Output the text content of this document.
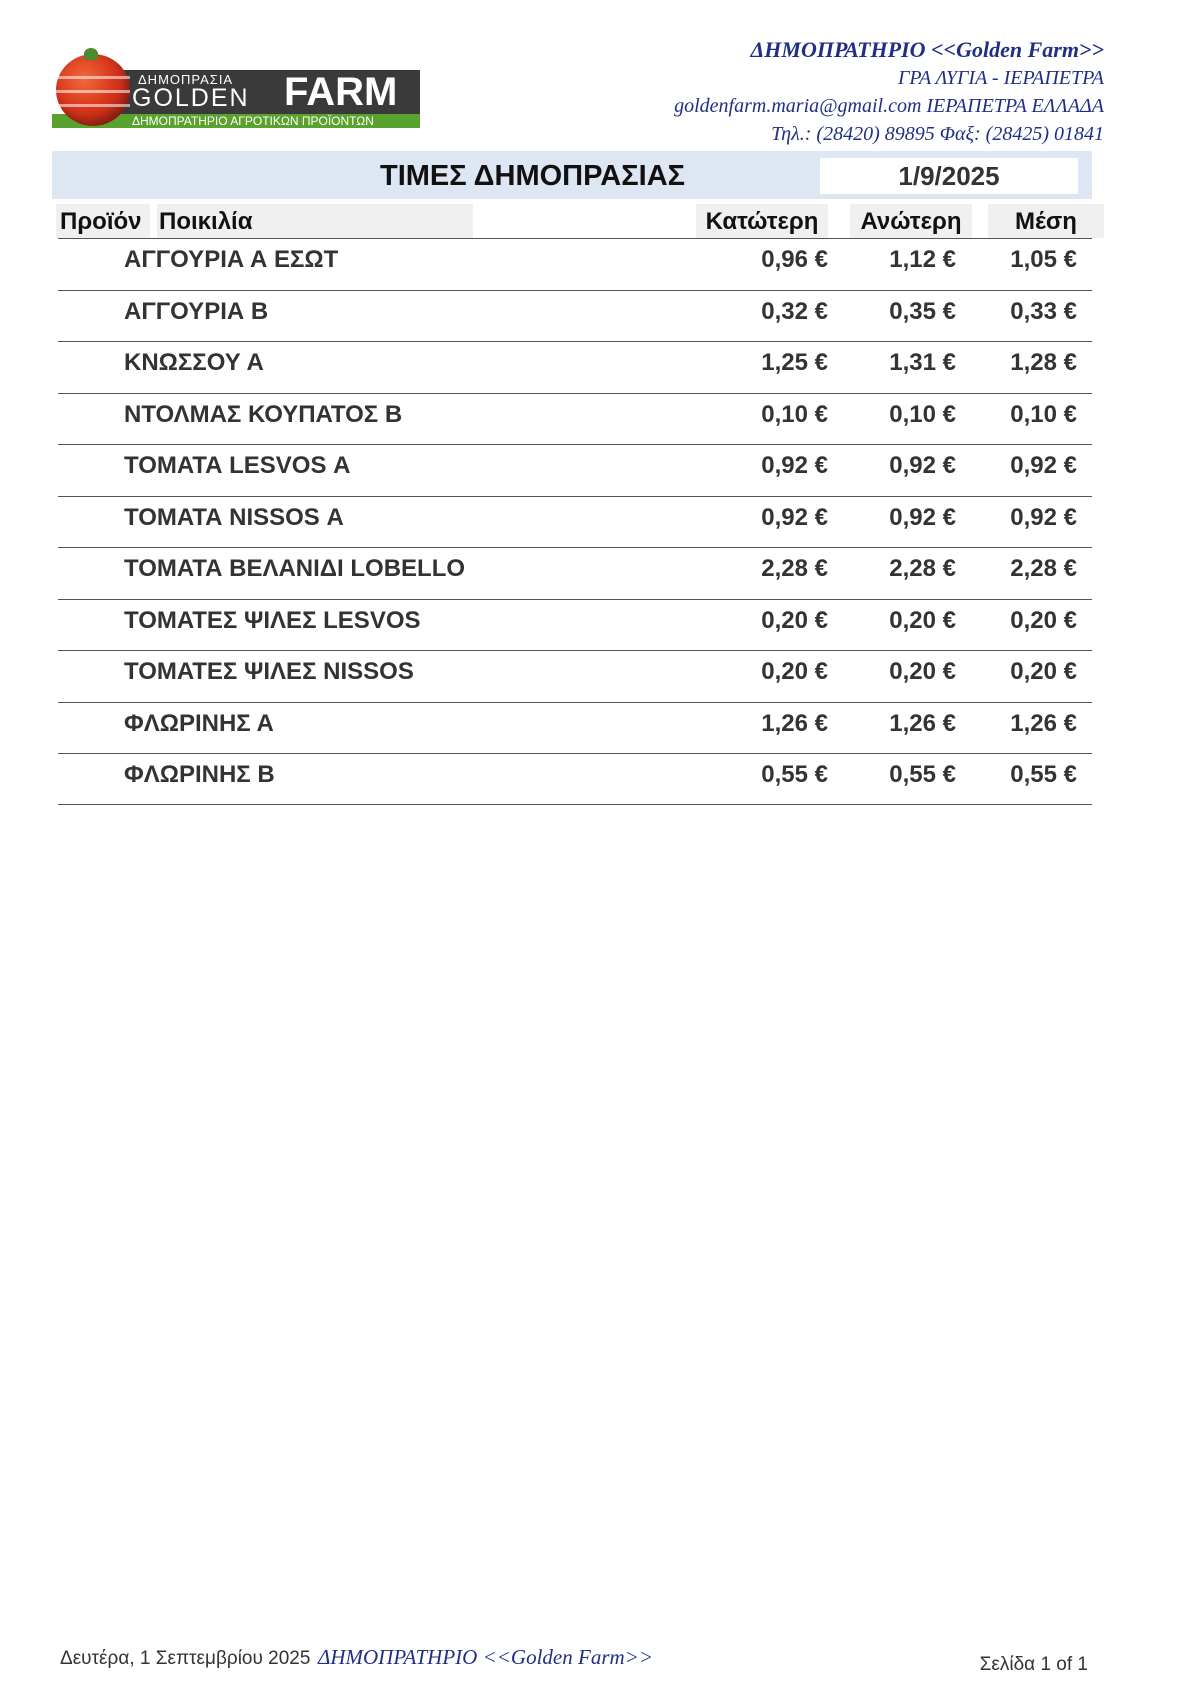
ΔΗΜΟΠΡΑΣΙΑ
GOLDEN FARM
ΔΗΜΟΠΡΑΤΗΡΙΟ ΑΓΡΟΤΙΚΩΝ ΠΡΟΪΟΝΤΩΝ
ΔΗΜΟΠΡΑΤΗΡΙΟ <<Golden Farm>>
ΓΡΑ ΛΥΓΙΑ - ΙΕΡΑΠΕΤΡΑ
goldenfarm.maria@gmail.com ΙΕΡΑΠΕΤΡΑ ΕΛΛΑΔΑ
Τηλ.: (28420) 89895 Φαξ: (28425) 01841
ΤΙΜΕΣ ΔΗΜΟΠΡΑΣΙΑΣ	1/9/2025
Προϊόν Ποικιλία	Κατώτερη	Ανώτερη	Μέση
ΑΓΓΟΥΡΙΑ Α ΕΣΩΤ	0,96 €	1,12 € 1,05 €
ΑΓΓΟΥΡΙΑ Β	0,32 €	0,35 € 0,33 €
ΚΝΩΣΣΟΥ Α	1,25 €	1,31 € 1,28 €
ΝΤΟΛΜΑΣ ΚΟΥΠΑΤΟΣ Β	0,10 €	0,10 € 0,10 €
ΤΟΜΑΤΑ LESVOS Α	0,92 €	0,92 € 0,92 €
ΤΟΜΑΤΑ NISSOS Α	0,92 €	0,92 € 0,92 €
ΤΟΜΑΤΑ ΒΕΛΑΝΙΔΙ LOBELLO	2,28 €	2,28 € 2,28 €
ΤΟΜΑΤΕΣ ΨΙΛΕΣ LESVOS	0,20 €	0,20 € 0,20 €
ΤΟΜΑΤΕΣ ΨΙΛΕΣ NISSOS	0,20 €	0,20 € 0,20 €
ΦΛΩΡΙΝΗΣ Α	1,26 €	1,26 € 1,26 €
ΦΛΩΡΙΝΗΣ Β	0,55 €	0,55 € 0,55 €
Δευτέρα, 1 Σεπτεμβρίου 2025 ΔΗΜΟΠΡΑΤΗΡΙΟ <<Golden Farm>>	Σελίδα 1 of 1
